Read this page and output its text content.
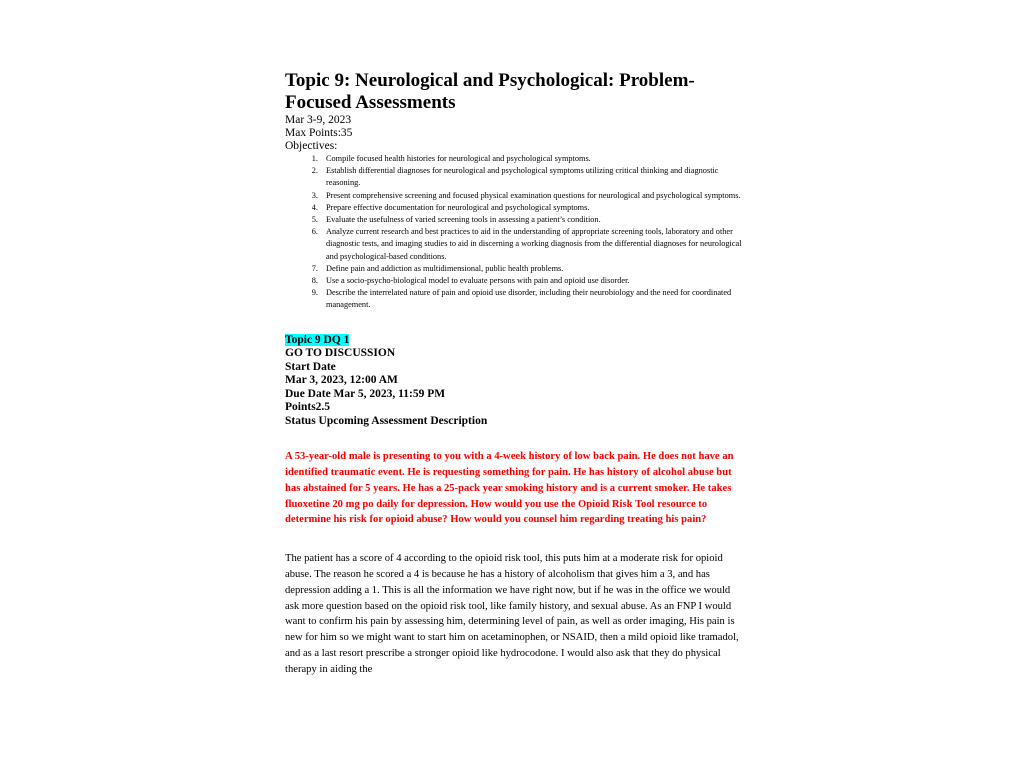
Topic 9: Neurological and Psychological: Problem-
Focused Assessments
Mar 3-9, 2023
Max Points:35
Objectives:
1. Compile focused health histories for neurological and psychological symptoms.
2. Establish differential diagnoses for neurological and psychological symptoms utilizing critical thinking and diagnostic reasoning.
3. Present comprehensive screening and focused physical examination questions for neurological and psychological symptoms.
4. Prepare effective documentation for neurological and psychological symptoms.
5. Evaluate the usefulness of varied screening tools in assessing a patient’s condition.
6. Analyze current research and best practices to aid in the understanding of appropriate screening tools, laboratory and other diagnostic tests, and imaging studies to aid in discerning a working diagnosis from the differential diagnoses for neurological and psychological-based conditions.
7. Define pain and addiction as multidimensional, public health problems.
8. Use a socio-psycho-biological model to evaluate persons with pain and opioid use disorder.
9. Describe the interrelated nature of pain and opioid use disorder, including their neurobiology and the need for coordinated management.
Topic 9 DQ 1
GO TO DISCUSSION
Start Date
Mar 3, 2023, 12:00 AM
Due Date Mar 5, 2023, 11:59 PM
Points2.5
Status Upcoming Assessment Description
A 53-year-old male is presenting to you with a 4-week history of low back pain. He does not have an identified traumatic event. He is requesting something for pain. He has history of alcohol abuse but has abstained for 5 years. He has a 25-pack year smoking history and is a current smoker. He takes fluoxetine 20 mg po daily for depression. How would you use the Opioid Risk Tool resource to determine his risk for opioid abuse? How would you counsel him regarding treating his pain?
The patient has a score of 4 according to the opioid risk tool, this puts him at a moderate risk for opioid abuse. The reason he scored a 4 is because he has a history of alcoholism that gives him a 3, and has depression adding a 1. This is all the information we have right now, but if he was in the office we would ask more question based on the opioid risk tool, like family history, and sexual abuse. As an FNP I would want to confirm his pain by assessing him, determining level of pain, as well as order imaging, His pain is new for him so we might want to start him on acetaminophen, or NSAID, then a mild opioid like tramadol, and as a last resort prescribe a stronger opioid like hydrocodone. I would also ask that they do physical therapy in aiding the
